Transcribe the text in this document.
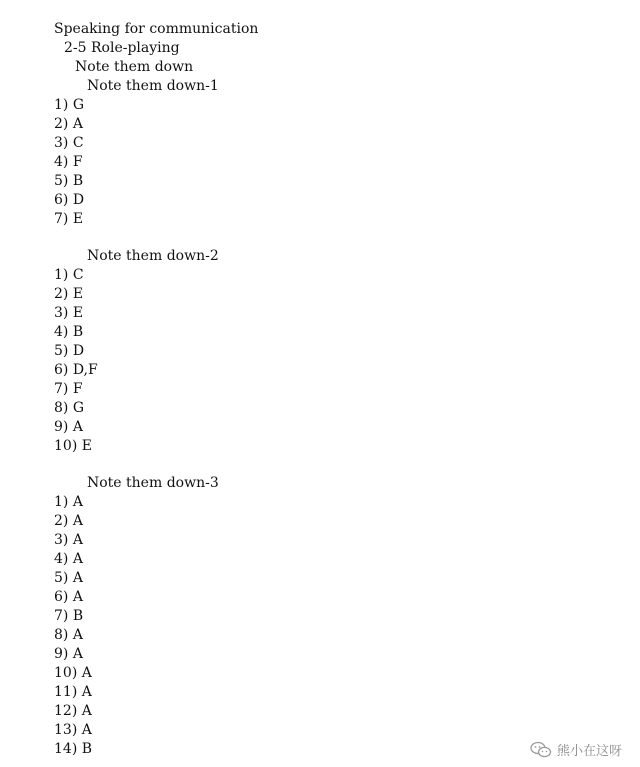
Speaking for communication
2-5 Role-playing
Note them down
Note them down-1
1) G
2) A
3) C
4) F
5) B
6) D
7) E
Note them down-2
1) C
2) E
3) E
4) B
5) D
6) D,F
7) F
8) G
9) A
10) E
Note them down-3
1) A
2) A
3) A
4) A
5) A
6) A
7) B
8) A
9) A
10) A
11) A
12) A
13) A
14) B	熊小在这呀
